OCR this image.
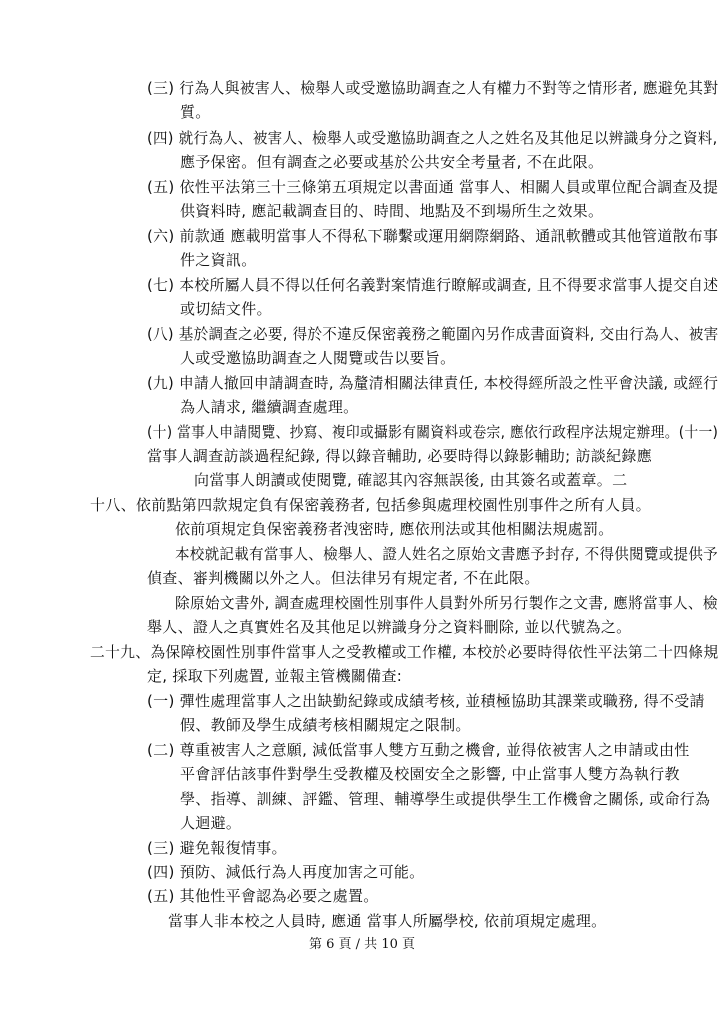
(三) 行為人與被害人、檢舉人或受邀協助調查之人有權力不對等之情形者, 應避免其對
質。
(四) 就行為人、被害人、檢舉人或受邀協助調查之人之姓名及其他足以辨識身分之資料,
應予保密。但有調查之必要或基於公共安全考量者, 不在此限。
(五) 依性平法第三十三條第五項規定以書面通 當事人、相關人員或單位配合調查及提
供資料時, 應記載調查目的、時間、地點及不到場所生之效果。
(六) 前款通 應載明當事人不得私下聯繫或運用網際網路、通訊軟體或其他管道散布事
件之資訊。
(七) 本校所屬人員不得以任何名義對案情進行瞭解或調查, 且不得要求當事人提交自述
或切結文件。
(八) 基於調查之必要, 得於不違反保密義務之範圍內另作成書面資料, 交由行為人、被害
人或受邀協助調查之人閱覽或告以要旨。
(九) 申請人撤回申請調查時, 為釐清相關法律責任, 本校得經所設之性平會決議, 或經行
為人請求, 繼續調查處理。
(十) 當事人申請閱覽、抄寫、複印或攝影有關資料或卷宗, 應依行政程序法規定辦理。(十一)
當事人調查訪談過程紀錄, 得以錄音輔助, 必要時得以錄影輔助; 訪談紀錄應
向當事人朗讀或使閱覽, 確認其內容無誤後, 由其簽名或蓋章。二
十八、依前點第四款規定負有保密義務者, 包括參與處理校園性別事件之所有人員。
依前項規定負保密義務者洩密時, 應依刑法或其他相關法規處罰。
本校就記載有當事人、檢舉人、證人姓名之原始文書應予封存, 不得供閱覽或提供予
偵查、審判機關以外之人。但法律另有規定者, 不在此限。
除原始文書外, 調查處理校園性別事件人員對外所另行製作之文書, 應將當事人、檢
舉人、證人之真實姓名及其他足以辨識身分之資料刪除, 並以代號為之。
二十九、為保障校園性別事件當事人之受教權或工作權, 本校於必要時得依性平法第二十四條規
定, 採取下列處置, 並報主管機關備查:
(一) 彈性處理當事人之出缺勤紀錄或成績考核, 並積極協助其課業或職務, 得不受請
假、教師及學生成績考核相關規定之限制。
(二) 尊重被害人之意願, 減低當事人雙方互動之機會, 並得依被害人之申請或由性
平會評估該事件對學生受教權及校園安全之影響, 中止當事人雙方為執行教
學、指導、訓練、評鑑、管理、輔導學生或提供學生工作機會之關係, 或命行為
人迴避。
(三) 避免報復情事。
(四) 預防、減低行為人再度加害之可能。
(五) 其他性平會認為必要之處置。
當事人非本校之人員時, 應通 當事人所屬學校, 依前項規定處理。
第 6 頁 / 共 10 頁
